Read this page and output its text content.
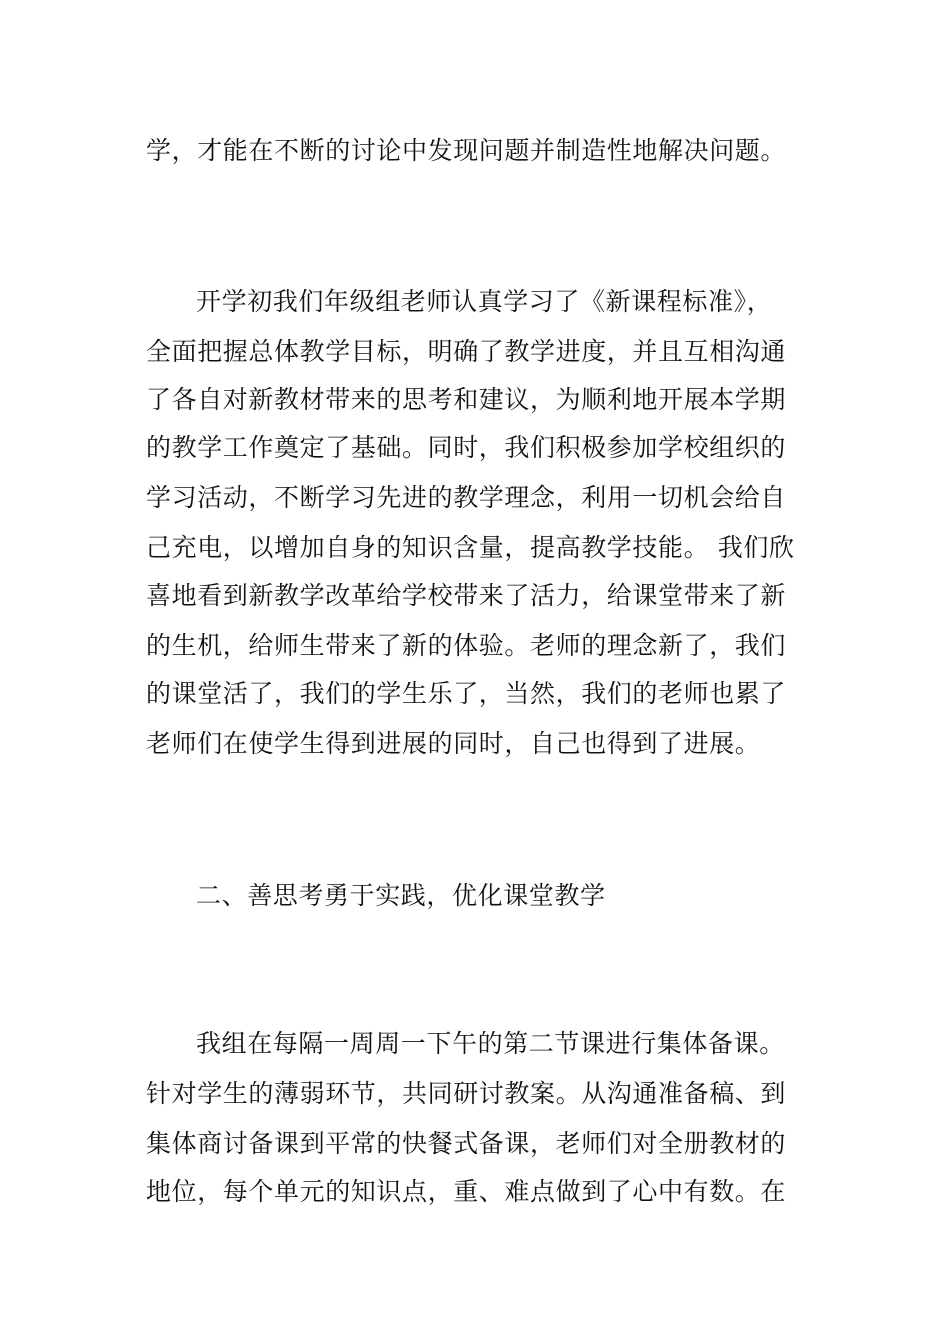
学，才能在不断的讨论中发现问题并制造性地解决问题。
开学初我们年级组老师认真学习了《新课程标准》，
全面把握总体教学目标，明确了教学进度，并且互相沟通
了各自对新教材带来的思考和建议，为顺利地开展本学期
的教学工作奠定了基础。同时，我们积极参加学校组织的
学习活动，不断学习先进的教学理念，利用一切机会给自
己充电，以增加自身的知识含量，提高教学技能。 我们欣
喜地看到新教学改革给学校带来了活力，给课堂带来了新
的生机，给师生带来了新的体验。老师的理念新了，我们
的课堂活了，我们的学生乐了，当然，我们的老师也累了
老师们在使学生得到进展的同时，自己也得到了进展。
二、善思考勇于实践，优化课堂教学
我组在每隔一周周一下午的第二节课进行集体备课。
针对学生的薄弱环节，共同研讨教案。从沟通准备稿、到
集体商讨备课到平常的快餐式备课，老师们对全册教材的
地位，每个单元的知识点，重、难点做到了心中有数。在
